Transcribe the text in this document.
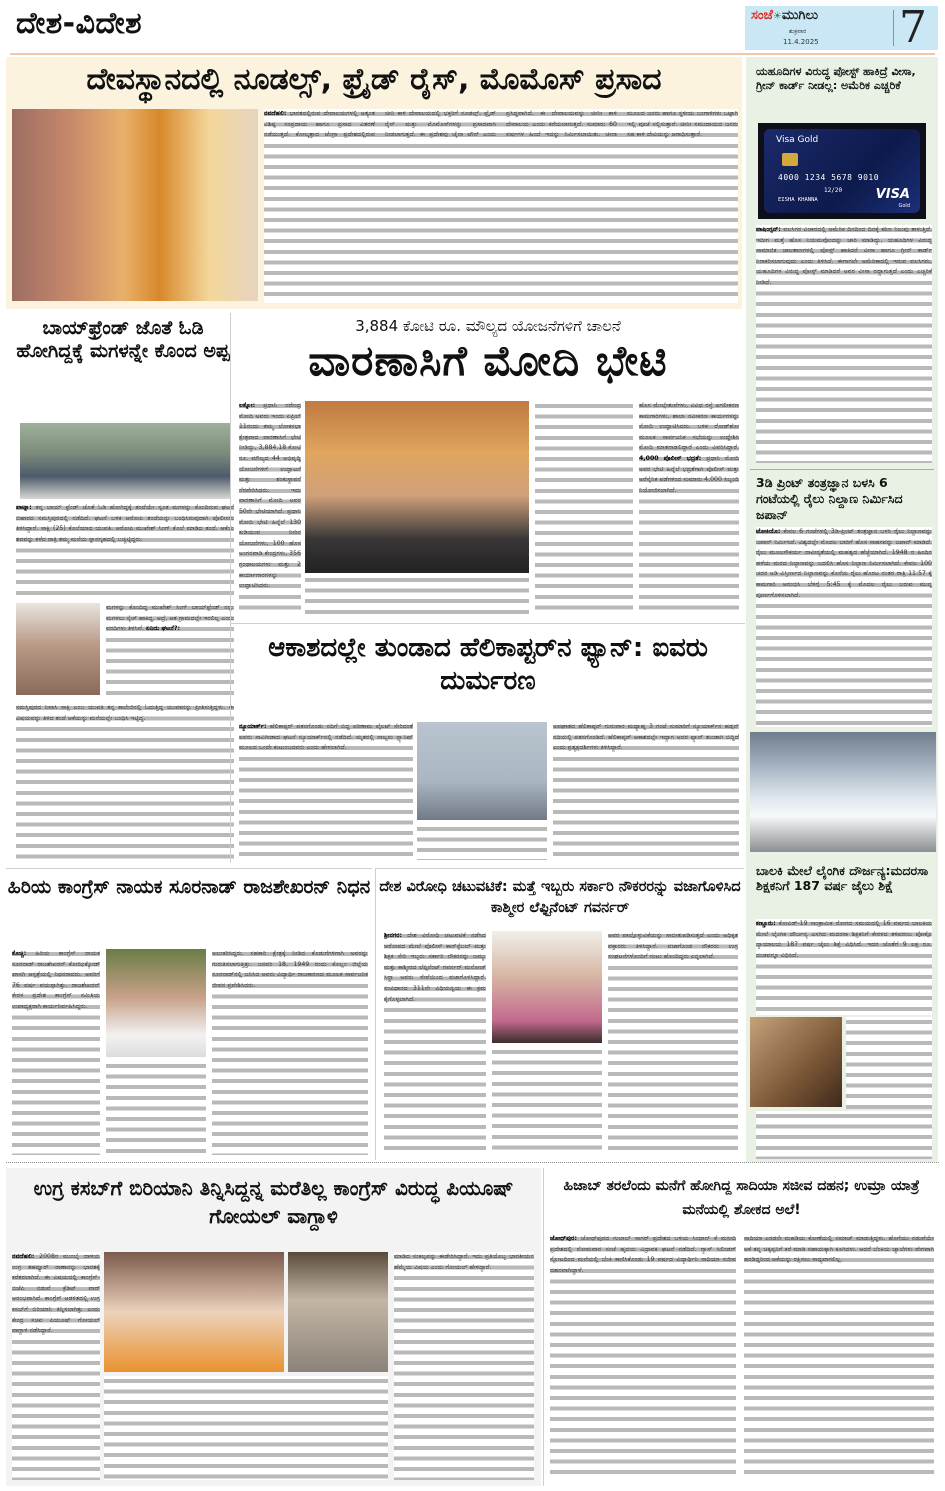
ದೇಶ-ವಿದೇಶ	ಸಂಜೆ☀ಮುಗಿಲು
ಶುಕ್ರವಾರ
11.4.2025 7
ದೇವಸ್ಥಾನದಲ್ಲಿ ನೂಡಲ್ಸ್, ಫ್ರೈಡ್ ರೈಸ್, ಮೊಮೊಸ್ ಪ್ರಸಾದ
ನವದೆಹಲಿ: ಭಾರತದಲ್ಲಿರುವ ದೇವಾಲಯಗಳಲ್ಲಿ ಅತ್ಯಂತ ವಿಶಿಷ್ಟ ಸಂಪ್ರದಾಯ ಹಾಗೂ ಪ್ರಸಾದ ವಿತರಣೆ ನಡೆಯುತ್ತದೆ. ಕೋಲ್ಕತ್ತಾದ ಟೆಂಗ್ರಾ ಪ್ರದೇಶದಲ್ಲಿರುವ ಚೀನಿ ಕಾಳಿ ದೇವಾಲಯದಲ್ಲಿ ಭಕ್ತರಿಗೆ ನೂಡಲ್ಸ್, ಫ್ರೈಡ್ ರೈಸ್ ಮತ್ತು ಮೊಮೊಸ್‌ಗಳನ್ನು ಪ್ರಸಾದವಾಗಿ ನೀಡಲಾಗುತ್ತದೆ. ಈ ಪ್ರದೇಶವು ಚೈನಾ ಟೌನ್ ಎಂದು ಪ್ರಸಿದ್ಧವಾಗಿದೆ. ಈ ದೇವಾಲಯವನ್ನು ಚೀನೀ ಕಾಳಿ ದೇವಾಲಯ ಎಂದು ಕರೆಯಲಾಗುತ್ತದೆ. ಸುಮಾರು 60 ವರ್ಷಗಳ ಹಿಂದೆ ಇದನ್ನು ನಿರ್ಮಿಸಲಾಯಿತು. ಚೀನಾ ಮೂಲದ ಜನರು ಹಾಗೂ ಸ್ಥಳೀಯ ಬಂಗಾಳಿಗಳು ಒಟ್ಟಾಗಿ ಇಲ್ಲಿ ಪೂಜೆ ಸಲ್ಲಿಸುತ್ತಾರೆ. ಚೀನೀ ಸಮುದಾಯದ ಜನರು ಸಹ ಕಾಳಿ ದೇವಿಯನ್ನು ಆರಾಧಿಸುತ್ತಾರೆ.
ಯಹೂದಿಗಳ ವಿರುದ್ಧ ಪೋಸ್ಟ್ ಹಾಕಿದ್ರೆ ವೀಸಾ, ಗ್ರೀನ್ ಕಾರ್ಡ್ ನೀಡಲ್ಲ: ಅಮೆರಿಕ ಎಚ್ಚರಿಕೆ
Visa Gold
4000 1234 5678 9010
12/20
EISHA KHANNA	VISA
Gold
ವಾಷಿಂಗ್ಟನ್: ವಲಸಿಗರ ವಿಚಾರದಲ್ಲಿ ಅಮೆರಿಕ ದಿನದಿಂದ ದಿನಕ್ಕೆ ಕಠಿಣ ನಿಲುವು ತಾಳುತ್ತಿದೆ. ಇದೀಗ ಮತ್ತೆ ಹೊಸ ನಿಯಮವೊಂದನ್ನು ಜಾರಿ ಮಾಡಿದ್ದು, ಯಹೂದಿಗಳ ವಿರುದ್ಧ ಸಾಮಾಜಿಕ ಜಾಲತಾಣಗಳಲ್ಲಿ ಪೋಸ್ಟ್ ಹಾಕಿದರೆ ವೀಸಾ ಹಾಗೂ ಗ್ರೀನ್ ಕಾರ್ಡ್ ನಿರಾಕರಿಸಲಾಗುವುದು ಎಂದು ತಿಳಿಸಿದೆ. ಈಗಾಗಲೇ ಅಮೆರಿಕಾದಲ್ಲಿ ಇರುವ ವಲಸಿಗರು, ಯಹೂದಿಗಳ ವಿರುದ್ಧ ಪೋಸ್ಟ್ ಮಾಡಿದರೆ ಅವರ ವೀಸಾ ರದ್ದಾಗುತ್ತದೆ ಎಂದು ಎಚ್ಚರಿಕೆ ನೀಡಿದೆ.
3ಡಿ ಪ್ರಿಂಟ್ ತಂತ್ರಜ್ಞಾನ ಬಳಸಿ 6 ಗಂಟೆಯಲ್ಲಿ ರೈಲು ನಿಲ್ದಾಣ ನಿರ್ಮಿಸಿದ ಜಪಾನ್
ಟೋಕಿಯೊ: ಕೇವಲ 6 ಗಂಟೆಗಳಲ್ಲಿ 3ಡಿ-ಪ್ರಿಂಟ್ ತಂತ್ರಜ್ಞಾನ ಬಳಸಿ ರೈಲು ನಿಲ್ದಾಣವನ್ನು ಜಪಾನ್ ನಿರ್ಮಿಸಿದೆ. ವಿಶ್ವದಲ್ಲೇ ಮೊದಲ ಬಾರಿಗೆ ಹೊಸ ಸಾಹಸವನ್ನು ಜಪಾನ್ ಮಾಡಿದೆ. ರೈಲು ಮೂಲಸೌಕರ್ಯ ನಾವೀನ್ಯತೆಯಲ್ಲಿ ಮಹತ್ವದ ಹೆಜ್ಜೆಯಾಗಿದೆ. 1948 ರ ಹಿಂದಿನ ಹಳೆಯ ಮರದ ನಿಲ್ದಾಣವನ್ನು ಬದಲಿಸಿ ಹೊಸ ನಿಲ್ದಾಣ ನಿರ್ಮಿಸಲಾಗಿದೆ. ಕೇವಲ 100 ಚದರ ಅಡಿ ವಿಸ್ತೀರ್ಣದ ನಿಲ್ದಾಣವನ್ನು ಕೊನೆಯ ರೈಲು ಹೊರಟ ನಂತರ ರಾತ್ರಿ 11:57 ಕ್ಕೆ ಕಾಮಗಾರಿ ಆರಂಭಿಸಿ ಬೆಳಿಗ್ಗೆ 5:45 ಕ್ಕೆ ಮೊದಲ ರೈಲು ಬರುವ ಮುನ್ನ ಪೂರ್ಣಗೊಳಿಸಲಾಗಿದೆ.
ಬಾಲಕಿ ಮೇಲೆ ಲೈಂಗಿಕ ದೌರ್ಜನ್ಯ:ಮದರಸಾ ಶಿಕ್ಷಕನಿಗೆ 187 ವರ್ಷ ಜೈಲು ಶಿಕ್ಷೆ
ಕಣ್ಣೂರು: ಕೋವಿಡ್-19 ಸಾಂಕ್ರಾಮಿಕ ರೋಗದ ಸಮಯದಲ್ಲಿ 16 ವರ್ಷದ ಬಾಲಕಿಯ ಮೇಲೆ ಲೈಂಗಿಕ ದೌರ್ಜನ್ಯ ಎಸಗಿದ ಮದರಸಾ ಶಿಕ್ಷಕನಿಗೆ ಕೇರಳದ ತಳಿಪರಂಬ ಪೋಕ್ಸೊ ನ್ಯಾಯಾಲಯ 187 ವರ್ಷ ಜೈಲು ಶಿಕ್ಷೆ ವಿಧಿಸಿದೆ. ಇದರ ಜೊತೆಗೆ 9 ಲಕ್ಷ ರೂ. ದಂಡವನ್ನೂ ವಿಧಿಸಿದೆ.
ಬಾಯ್‌ಫ್ರೆಂಡ್ ಜೊತೆ ಓಡಿ ಹೋಗಿದ್ದಕ್ಕೆ ಮಗಳನ್ನೇ ಕೊಂದ ಅಪ್ಪ
ಪಾಟ್ನಾ: ತನ್ನ ಬಾಯ್ ಫ್ರೆಂಡ್ ಜೊತೆ ಓಡಿ ಹೋಗಿದ್ದಕ್ಕೆ ತಂದೆಯೇ ಸ್ವಂತ ಮಗಳನ್ನು ಕೊಂದಿರುವ ಘಟನೆ ಬಿಹಾರದ ಸಮಸ್ತಿಪುರದಲ್ಲಿ ನಡೆದಿದೆ. ಘಟನೆ ಬಳಿಕ ಆರೋಪಿ ತಂದೆಯನ್ನು ಬಂಧಿಸಿರುವುದಾಗಿ ಪೊಲೀಸರು ತಿಳಿಸಿದ್ದಾರೆ. ಸಾಕ್ಷಿ (25) ಕೊಲೆಯಾದ ಯುವತಿ. ಆರೋಪಿ ಮುಖೇಶ್ ಸಿಂಗ್ ಕೊಲೆ ಮಾಡಿದ ತಂದೆ. ಆಕೆಯ ಶವವನ್ನು ಕಳೆದ ರಾತ್ರಿ ತಮ್ಮ ಮನೆಯ ಸ್ನಾನಗೃಹದಲ್ಲಿ ಬಚ್ಚಿಟ್ಟಿದ್ದರು.
ಮಗಳನ್ನು ಕೊಂದಿದ್ದ ಮುಖೇಶ್ ಸಿಂಗ್ ಬಾಯ್‌ಫ್ರೆಂಡ್ ನನ್ನು ಮಗಳಲು ಸ್ಕೆಚ್ ಹಾಕಿದ್ದ, ಆದ್ರೆ, ಆತ ಗ್ರಾಮದಲ್ಲೇ ಇರಲಿಲ್ಲ ಎಂದು ವರದಿಗಳು ತಿಳಿಸಿವೆ. ಏನಿದು ಘಟನೆ?:
ಸಮಸ್ತಿಪುರದ ನಿವಾಸಿ ಸಾಕ್ಷಿ ಎಂಬ ಯುವತಿ ತನ್ನ ಕಾಲೇಜಿನಲ್ಲಿ ಓದುತ್ತಿದ್ದ ಯುವಕನನ್ನು ಪ್ರೀತಿಸುತ್ತಿದ್ದಳು. ಈ ವಿಷಯವನ್ನು ತಿಳಿದ ತಂದೆ ಆಕೆಯನ್ನು ಮನೆಯಲ್ಲೇ ಬಂಧಿಸಿ ಇಟ್ಟಿದ್ದ.
3,884 ಕೋಟಿ ರೂ. ಮೌಲ್ಯದ ಯೋಜನೆಗಳಿಗೆ ಚಾಲನೆ
ವಾರಣಾಸಿಗೆ ಮೋದಿ ಭೇಟಿ
ಲಕ್ನೋ: ಪ್ರಧಾನಿ ನರೇಂದ್ರ ಮೋದಿ ಅವರು ಇಂದು ಏಪ್ರಿಲ್ 11ರಂದು ತಮ್ಮ ಲೋಕಸಭಾ ಕ್ಷೇತ್ರವಾದ ವಾರಣಾಸಿಗೆ ಭೇಟಿ ನೀಡಿದ್ದು, 3,884.18 ಕೋಟಿ ರೂ. ಮೌಲ್ಯದ 44 ಅಭಿವೃದ್ಧಿ ಯೋಜನೆಗಳಿಗೆ ಉದ್ಘಾಟನೆ ಮತ್ತು ಶಂಕುಸ್ಥಾಪನೆ ನೆರವೇರಿಸಿದರು. ಇದು ವಾರಣಾಸಿಗೆ ಮೋದಿ ಅವರ 50ನೇ ಭೇಟಿಯಾಗಿದೆ. ಪ್ರಧಾನಿ ಮೋದಿ ಭೇಟಿ ಹಿನ್ನೆಲೆ 130 ಕುಡಿಯುವ ನೀರಿನ ಯೋಜನೆಗಳು, 100 ಹೊಸ ಅಂಗನವಾಡಿ ಕೇಂದ್ರಗಳು, 356 ಗ್ರಂಥಾಲಯಗಳು ಮತ್ತು 2 ಕಾರ್ಯಾಗಾರಗಳನ್ನು ಉದ್ಘಾಟಿಸಿದರು.
ಹೊಸ ಮೇಲ್ಸೇತುವೆಗಳು, ವಿವಿಧ ರಸ್ತೆ ಅಗಲೀಕರಣ ಕಾಮಗಾರಿಗಳು, ಶಾಲಾ ನವೀಕರಣ ಕಾರ್ಯಗಳನ್ನು ಮೋದಿ ಉದ್ಘಾಟಿಸಿದರು. ಬಳಿಕ ರೋಡ್‌ಶೋ ಮೂಲಕ ಸಾರ್ವಜನಿಕ ಸಭೆಯನ್ನು ಉದ್ದೇಶಿಸಿ ಮೋದಿ ಮಾತನಾಡಲಿದ್ದಾರೆ ಎಂದು ವಿವರಿಸಿದ್ದಾರೆ. 4,000 ಪೊಲೀಸ್ ಭದ್ರತೆ: ಪ್ರಧಾನಿ ಮೋದಿ ಅವರ ಭೇಟಿ ಹಿನ್ನೆಲೆ ಭದ್ರತೆಗಾಗಿ ಪೊಲೀಸ್ ಮತ್ತು ಅರೆಸೈನಿಕ ಪಡೆಗಳಿಂದ ಸುಮಾರು 4,000 ಸಿಬ್ಬಂದಿ ನಿಯೋಜಿಸಲಾಗಿದೆ.
ಆಕಾಶದಲ್ಲೇ ತುಂಡಾದ ಹೆಲಿಕಾಪ್ಟರ್‌ನ ಫ್ಯಾನ್: ಐವರು ದುರ್ಮರಣ
ನ್ಯೂಯಾರ್ಕ್: ಹೆಲಿಕಾಪ್ಟರ್ ಪತನಗೊಂಡು ನದಿಗೆ ಬಿದ್ದ ಪರಿಣಾಮ ಪೈಲಟ್ ಸೇರಿದಂತೆ ಐವರು ಸಾವಿಗೀಡಾದ ಘಟನೆ ನ್ಯೂಯಾರ್ಕ್‌ನಲ್ಲಿ ನಡೆದಿದೆ. ಮೃತರಲ್ಲಿ ನಾಲ್ವರು ಸ್ಪ್ಯಾನಿಷ್ ಮೂಲದ ಒಂದೇ ಕುಟುಂಬದವರು ಎಂದು ಹೇಳಲಾಗಿದೆ.
ಅಪಘಾತದ ಹೆಲಿಕಾಪ್ಟರ್ ಗುರುವಾರ ಮಧ್ಯಾಹ್ನ 3 ಗಂಟೆ ಸುಮಾರಿಗೆ ನ್ಯೂಯಾರ್ಕ್‌ನ ಹಡ್ಸನ್ ನದಿಯಲ್ಲಿ ಪತನಗೊಂಡಿದೆ. ಹೆಲಿಕಾಪ್ಟರ್ ಆಕಾಶದಲ್ಲೇ ಇದ್ದಾಗ ಅದರ ಫ್ಯಾನ್ ತುಂಡಾಗಿ ಬಿದ್ದಿದೆ ಎಂದು ಪ್ರತ್ಯಕ್ಷದರ್ಶಿಗಳು ತಿಳಿಸಿದ್ದಾರೆ.
ಹಿರಿಯ ಕಾಂಗ್ರೆಸ್ ನಾಯಕ ಸೂರನಾಡ್ ರಾಜಶೇಖರನ್ ನಿಧನ
ಕೊಚ್ಚಿ: ಹಿರಿಯ ಕಾಂಗ್ರೆಸ್ ನಾಯಕ ಸೂರನಾಡ್ ರಾಜಶೇಖರನ್ ಕೋಝಿಕ್ಕೋಡ್ ಖಾಸಗಿ ಆಸ್ಪತ್ರೆಯಲ್ಲಿ ನಿಧನರಾದರು. ಅವರಿಗೆ 76 ವರ್ಷ ವಯಸ್ಸಾಗಿತ್ತು. ರಾಜಶೇಖರನ್ ಕೇರಳ ಪ್ರದೇಶ ಕಾಂಗ್ರೆಸ್ ಸಮಿತಿಯ ಉಪಾಧ್ಯಕ್ಷರಾಗಿ ಕಾರ್ಯನಿರ್ವಹಿಸಿದ್ದರು.
ಅಲಂಕರಿಸಿದ್ದರು. ಸಹಕಾರಿ ಕ್ಷೇತ್ರಕ್ಕೆ ನೀಡಿದ ಕೊಡುಗೆಗಳಿಗಾಗಿ ಅವರನ್ನು ಗುರುತಿಸಲಾಗುತ್ತಿತ್ತು. ಜನವರಿ 18, 1949 ರಂದು ಕೊಲ್ಲಂ ಜಿಲ್ಲೆಯ ಸೂರನಾಡ್‌ನಲ್ಲಿ ಜನಿಸಿದ ಅವರು ವಿದ್ಯಾರ್ಥಿ ರಾಜಕಾರಣದ ಮೂಲಕ ಸಾರ್ವಜನಿಕ ಜೀವನ ಪ್ರವೇಶಿಸಿದರು.
ದೇಶ ವಿರೋಧಿ ಚಟುವಟಿಕೆ: ಮತ್ತೆ ಇಬ್ಬರು ಸರ್ಕಾರಿ ನೌಕರರನ್ನು ವಜಾಗೊಳಿಸಿದ ಕಾಶ್ಮೀರ ಲೆಫ್ಟಿನೆಂಟ್ ಗವರ್ನರ್
ಶ್ರೀನಗರ: ದೇಶ ವಿರೋಧಿ ಚಟುವಟಿಕೆ ನಡೆಸಿದ ಆರೋಪದ ಮೇಲೆ ಪೊಲೀಸ್ ಕಾನ್‌ಸ್ಟೆಬಲ್ ಮತ್ತು ಶಿಕ್ಷಕ ಸೇರಿ ಇಬ್ಬರು ಸರ್ಕಾರಿ ನೌಕರರನ್ನು ಜಮ್ಮು ಮತ್ತು ಕಾಶ್ಮೀರದ ಲೆಫ್ಟಿನೆಂಟ್ ಗವರ್ನರ್ ಮನೋಜ್ ಸಿನ್ಹಾ ಅವರು ಸೇವೆಯಿಂದ ವಜಾಗೊಳಿಸಿದ್ದಾರೆ. ಸಂವಿಧಾನದ 311ನೇ ವಿಧಿಯನ್ವಯ ಈ ಕ್ರಮ ಕೈಗೊಳ್ಳಲಾಗಿದೆ.
ಅವರ ಪಾಲ್ಗೊಳ್ಳುವಿಕೆಯನ್ನು ಸಾಬೀತುಪಡಿಸುತ್ತದೆ ಎಂದು ಅಧಿಕೃತ ವಕ್ತಾರರು ತಿಳಿಸಿದ್ದಾರೆ. ವಜಾಗೊಂಡ ನೌಕರರು ಉಗ್ರ ಸಂಘಟನೆಗಳೊಂದಿಗೆ ನಂಟು ಹೊಂದಿದ್ದರು ಎನ್ನಲಾಗಿದೆ.
ಉಗ್ರ ಕಸಬ್‌ಗೆ ಬಿರಿಯಾನಿ ತಿನ್ನಿಸಿದ್ದನ್ನ ಮರೆತಿಲ್ಲ ಕಾಂಗ್ರೆಸ್ ವಿರುದ್ಧ ಪಿಯೂಷ್ ಗೋಯಲ್ ವಾಗ್ದಾಳಿ
ನವದೆಹಲಿ: 2008ರ ಮುಂಬೈ ದಾಳಿಯ ಉಗ್ರ ತಹವ್ವೂರ್ ರಾಣಾನನ್ನು ಭಾರತಕ್ಕೆ ಕರೆತರಲಾಗಿದೆ. ಈ ವಿಷಯದಲ್ಲಿ ಕಾಂಗ್ರೆಸ್-ಬಿಜೆಪಿ ನಡುವೆ ಕ್ರೆಡಿಟ್ ವಾರ್ ಆರಂಭವಾಗಿದೆ. ಕಾಂಗ್ರೆಸ್ ಆಡಳಿತದಲ್ಲಿ ಉಗ್ರ ಕಸಬ್‌ಗೆ ಬಿರಿಯಾನಿ ತಿನ್ನಿಸಲಾಗಿತ್ತು ಎಂದು ಕೇಂದ್ರ ಸಚಿವ ಪಿಯೂಷ್ ಗೋಯಲ್ ವಾಗ್ದಾಳಿ ನಡೆಸಿದ್ದಾರೆ.
ಮಾಡಿದ ಸಂಕಲ್ಪವನ್ನು ಈಡೇರಿಸಿದ್ದಾರೆ. ಇದು ಪ್ರತಿಯೊಬ್ಬ ಭಾರತೀಯನ ಹೆಮ್ಮೆಯ ವಿಷಯ ಎಂದು ಗೋಯಲ್ ಹೇಳಿದ್ದಾರೆ.
ಹಿಜಾಬ್ ತರಲೆಂದು ಮನೆಗೆ ಹೋಗಿದ್ದ ಸಾದಿಯಾ ಸಜೀವ ದಹನ; ಉಮ್ರಾ ಯಾತ್ರೆ ಮನೆಯಲ್ಲಿ ಶೋಕದ ಅಲೆ!
ಜೋಧ್‌ಪುರ: ಜೋಧ್‌ಪುರದ ಗುಲಾಬ್ ಸಾಗರ್ ಪ್ರದೇಶದ ಬಳಿಯ ಸಿಂಧಾನ್ ಕೆ ಮಸೀದಿ ಪ್ರದೇಶದಲ್ಲಿ ಸೋಮವಾರ ಸಂಜೆ ಹೃದಯ ವಿದ್ರಾವಕ ಘಟನೆ ನಡೆದಿದೆ. ಗ್ಯಾಸ್ ಸಿಲಿಂಡರ್ ಸ್ಫೋಟದಿಂದ ಮನೆಯಲ್ಲಿ ಬೆಂಕಿ ಕಾಣಿಸಿಕೊಂಡು 19 ವರ್ಷದ ವಿದ್ಯಾರ್ಥಿನಿ ಸಾದಿಯಾ ಸಜೀವ ದಹನವಾಗಿದ್ದಾಳೆ.
ಸಾದಿಯಾ ಎರಡನೇ ಮಹಡಿಯ ಕೋಣೆಯಲ್ಲಿ ನಮಾಜ್ ಮಾಡುತ್ತಿದ್ದಳು. ಹೊಗೆಯು ನಡುವೆಯೇ ಆಕೆ ತನ್ನ ಚಿಕ್ಕಪ್ಪನಿಗೆ ಕರೆ ಮಾಡಿ ಸಹಾಯಕ್ಕಾಗಿ ಕೂಗಿದಳು. ಆದರೆ ಬೆಂಕಿಯ ಜ್ವಾಲೆಗಳು ವೇಗವಾಗಿ ಹರಡಿದ್ದರಿಂದ ಆಕೆಯನ್ನು ರಕ್ಷಿಸಲು ಸಾಧ್ಯವಾಗಲಿಲ್ಲ.
